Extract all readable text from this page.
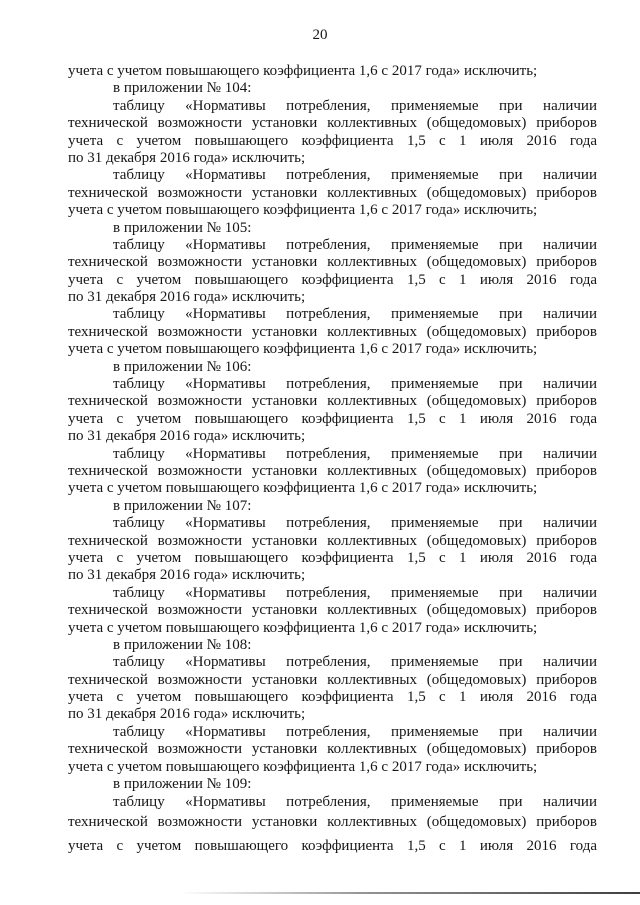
20
учета с учетом повышающего коэффициента 1,6 с 2017 года» исключить;
в приложении № 104:
таблицу «Нормативы потребления, применяемые при наличии
технической возможности установки коллективных (общедомовых) приборов
учета с учетом повышающего коэффициента 1,5 с 1 июля 2016 года
по 31 декабря 2016 года» исключить;
таблицу «Нормативы потребления, применяемые при наличии
технической возможности установки коллективных (общедомовых) приборов
учета с учетом повышающего коэффициента 1,6 с 2017 года» исключить;
в приложении № 105:
таблицу «Нормативы потребления, применяемые при наличии
технической возможности установки коллективных (общедомовых) приборов
учета с учетом повышающего коэффициента 1,5 с 1 июля 2016 года
по 31 декабря 2016 года» исключить;
таблицу «Нормативы потребления, применяемые при наличии
технической возможности установки коллективных (общедомовых) приборов
учета с учетом повышающего коэффициента 1,6 с 2017 года» исключить;
в приложении № 106:
таблицу «Нормативы потребления, применяемые при наличии
технической возможности установки коллективных (общедомовых) приборов
учета с учетом повышающего коэффициента 1,5 с 1 июля 2016 года
по 31 декабря 2016 года» исключить;
таблицу «Нормативы потребления, применяемые при наличии
технической возможности установки коллективных (общедомовых) приборов
учета с учетом повышающего коэффициента 1,6 с 2017 года» исключить;
в приложении № 107:
таблицу «Нормативы потребления, применяемые при наличии
технической возможности установки коллективных (общедомовых) приборов
учета с учетом повышающего коэффициента 1,5 с 1 июля 2016 года
по 31 декабря 2016 года» исключить;
таблицу «Нормативы потребления, применяемые при наличии
технической возможности установки коллективных (общедомовых) приборов
учета с учетом повышающего коэффициента 1,6 с 2017 года» исключить;
в приложении № 108:
таблицу «Нормативы потребления, применяемые при наличии
технической возможности установки коллективных (общедомовых) приборов
учета с учетом повышающего коэффициента 1,5 с 1 июля 2016 года
по 31 декабря 2016 года» исключить;
таблицу «Нормативы потребления, применяемые при наличии
технической возможности установки коллективных (общедомовых) приборов
учета с учетом повышающего коэффициента 1,6 с 2017 года» исключить;
в приложении № 109:
таблицу «Нормативы потребления, применяемые при наличии
технической возможности установки коллективных (общедомовых) приборов
учета с учетом повышающего коэффициента 1,5 с 1 июля 2016 года
